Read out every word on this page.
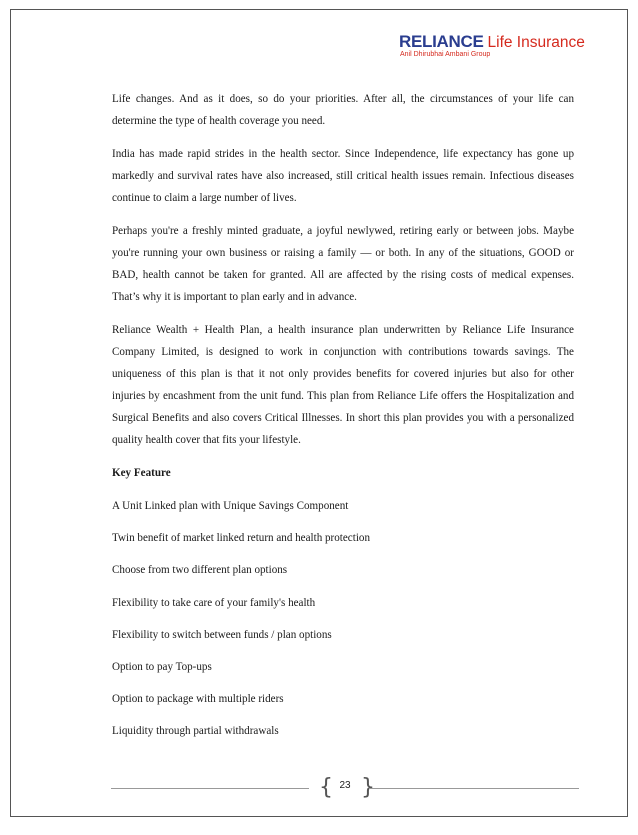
RELIANCE Life Insurance
Anil Dhirubhai Ambani Group

Life changes. And as it does, so do your priorities. After all, the circumstances of your life can determine the type of health coverage you need.

India has made rapid strides in the health sector. Since Independence, life expectancy has gone up markedly and survival rates have also increased, still critical health issues remain. Infectious diseases continue to claim a large number of lives.

Perhaps you're a freshly minted graduate, a joyful newlywed, retiring early or between jobs. Maybe you're running your own business or raising a family — or both. In any of the situations, GOOD or BAD, health cannot be taken for granted. All are affected by the rising costs of medical expenses. That’s why it is important to plan early and in advance.

Reliance Wealth + Health Plan, a health insurance plan underwritten by Reliance Life Insurance Company Limited, is designed to work in conjunction with contributions towards savings. The uniqueness of this plan is that it not only provides benefits for covered injuries but also for other injuries by encashment from the unit fund. This plan from Reliance Life offers the Hospitalization and Surgical Benefits and also covers Critical Illnesses. In short this plan provides you with a personalized quality health cover that fits your lifestyle.

Key Feature
A Unit Linked plan with Unique Savings Component
Twin benefit of market linked return and health protection
Choose from two different plan options
Flexibility to take care of your family's health
Flexibility to switch between funds / plan options
Option to pay Top-ups
Option to package with multiple riders
Liquidity through partial withdrawals
{ 23 }
